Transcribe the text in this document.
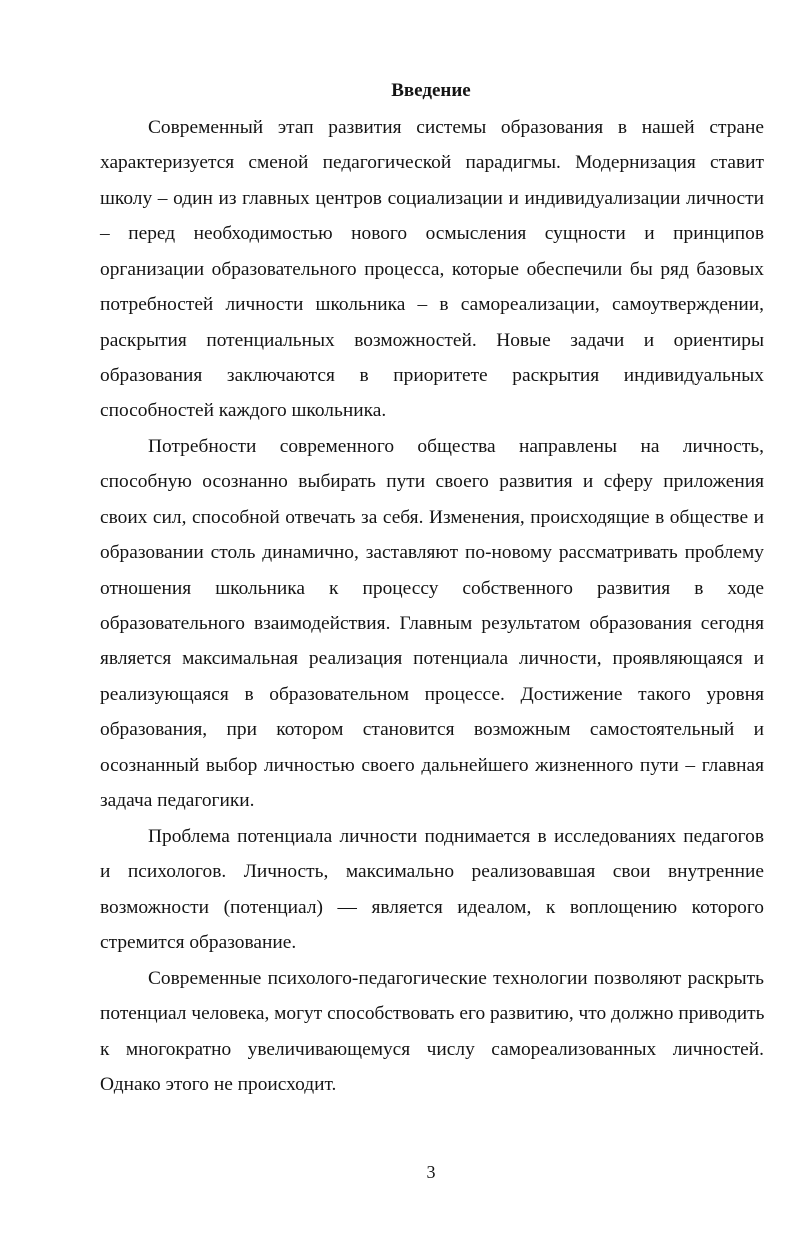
Введение
Современный этап развития системы образования в нашей стране
характеризуется сменой педагогической парадигмы. Модернизация ставит
школу – один из главных центров социализации и индивидуализации личности
– перед необходимостью нового осмысления сущности и принципов
организации образовательного процесса, которые обеспечили бы ряд базовых
потребностей личности школьника – в самореализации, самоутверждении,
раскрытия потенциальных возможностей. Новые задачи и ориентиры
образования заключаются в приоритете раскрытия индивидуальных
способностей каждого школьника.
Потребности современного общества направлены на личность,
способную осознанно выбирать пути своего развития и сферу приложения
своих сил, способной отвечать за себя. Изменения, происходящие в обществе и
образовании столь динамично, заставляют по-новому рассматривать проблему
отношения школьника к процессу собственного развития в ходе
образовательного взаимодействия. Главным результатом образования сегодня
является максимальная реализация потенциала личности, проявляющаяся и
реализующаяся в образовательном процессе. Достижение такого уровня
образования, при котором становится возможным самостоятельный и
осознанный выбор личностью своего дальнейшего жизненного пути – главная
задача педагогики.
Проблема потенциала личности поднимается в исследованиях педагогов
и психологов. Личность, максимально реализовавшая свои внутренние
возможности (потенциал) — является идеалом, к воплощению которого
стремится образование.
Современные психолого-педагогические технологии позволяют раскрыть
потенциал человека, могут способствовать его развитию, что должно приводить
к многократно увеличивающемуся числу самореализованных личностей.
Однако этого не происходит.
3
